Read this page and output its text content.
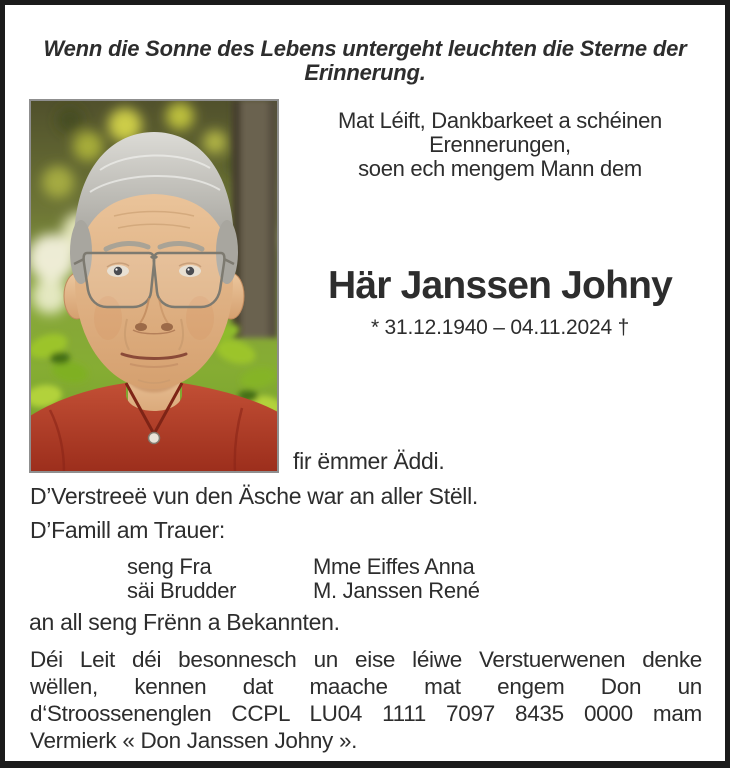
Wenn die Sonne des Lebens untergeht leuchten die Sterne der
Erinnerung.
Mat Léift, Dankbarkeet a schéinen
Erennerungen,
soen ech mengem Mann dem
Här Janssen Johny
* 31.12.1940 – 04.11.2024 †
fir ëmmer Äddi.
D’Verstreeë vun den Äsche war an aller Stëll.
D’Famill am Trauer:
seng Fra	Mme Eiffes Anna
säi Brudder	M. Janssen René
an all seng Frënn a Bekannten.
Déi Leit déi besonnesch un eise léiwe Verstuerwenen denke
wëllen, kennen dat maache mat engem Don un
d‘Stroossenenglen CCPL LU04 1111 7097 8435 0000 mam
Vermierk « Don Janssen Johny ».
